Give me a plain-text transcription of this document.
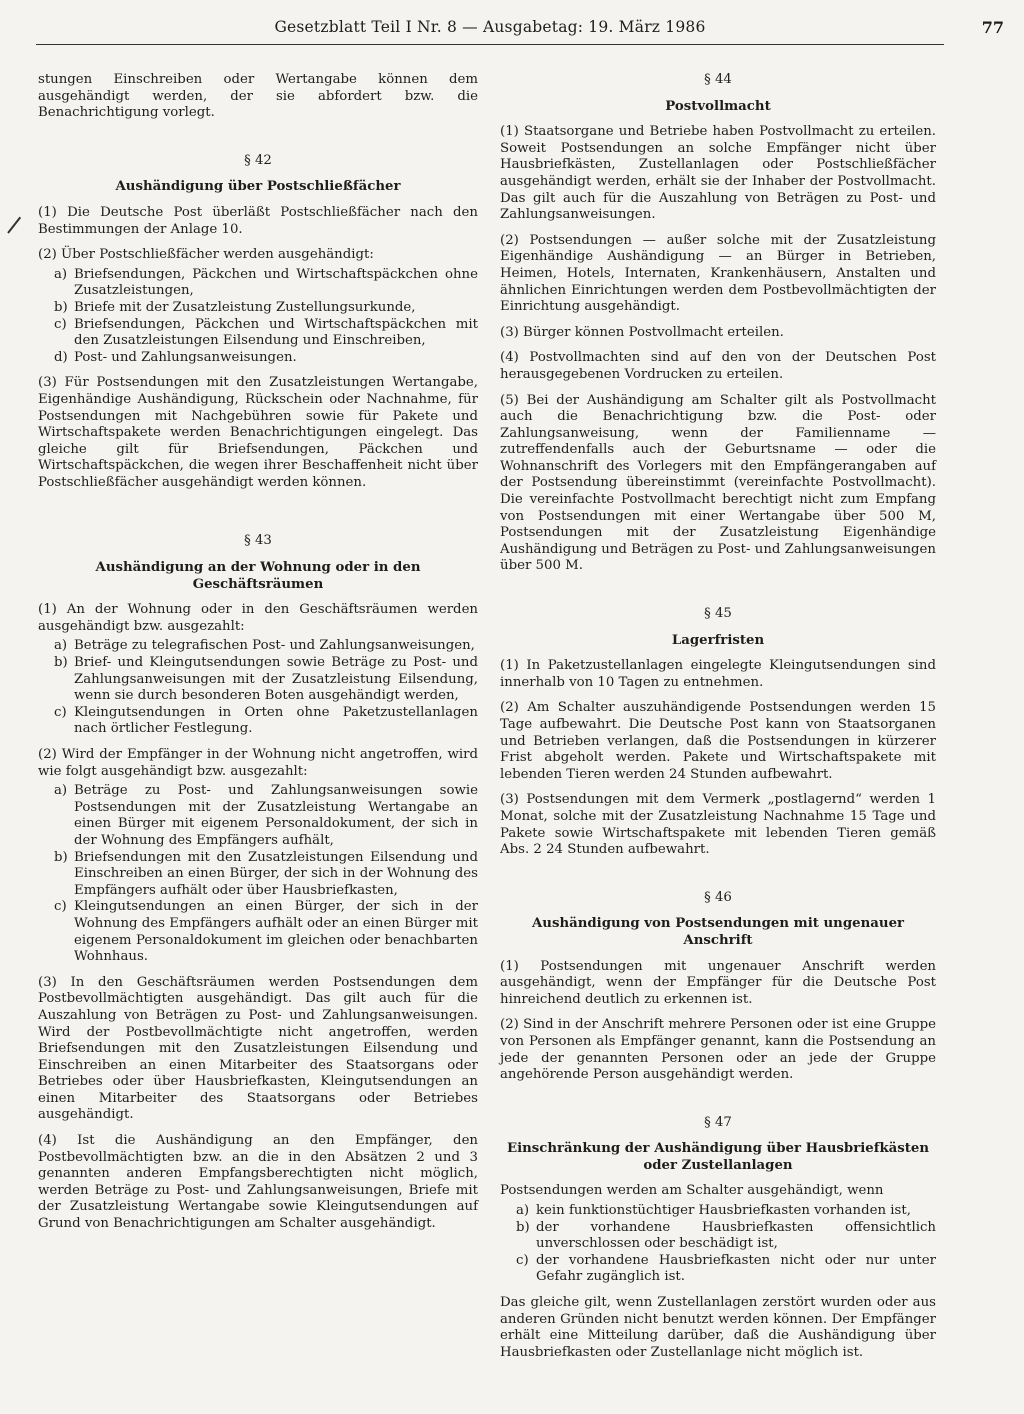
Gesetzblatt Teil I Nr. 8 — Ausgabetag: 19. März 1986	77

stungen Einschreiben oder Wertangabe können dem ausgehändigt werden, der sie abfordert bzw. die Benachrichtigung vorlegt.

§ 42
Aushändigung über Postschließfächer

(1) Die Deutsche Post überläßt Postschließfächer nach den Bestimmungen der Anlage 10.

(2) Über Postschließfächer werden ausgehändigt:

a) Briefsendungen, Päckchen und Wirtschaftspäckchen ohne Zusatzleistungen,
b) Briefe mit der Zusatzleistung Zustellungsurkunde,
c) Briefsendungen, Päckchen und Wirtschaftspäckchen mit den Zusatzleistungen Eilsendung und Einschreiben,
d) Post- und Zahlungsanweisungen.

(3) Für Postsendungen mit den Zusatzleistungen Wertangabe, Eigenhändige Aushändigung, Rückschein oder Nachnahme, für Postsendungen mit Nachgebühren sowie für Pakete und Wirtschaftspakete werden Benachrichtigungen eingelegt. Das gleiche gilt für Briefsendungen, Päckchen und Wirtschaftspäckchen, die wegen ihrer Beschaffenheit nicht über Postschließfächer ausgehändigt werden können.

§ 43
Aushändigung an der Wohnung oder in den Geschäftsräumen

(1) An der Wohnung oder in den Geschäftsräumen werden ausgehändigt bzw. ausgezahlt:

a) Beträge zu telegrafischen Post- und Zahlungsanweisungen,
b) Brief- und Kleingutsendungen sowie Beträge zu Post- und Zahlungsanweisungen mit der Zusatzleistung Eilsendung, wenn sie durch besonderen Boten ausgehändigt werden,
c) Kleingutsendungen in Orten ohne Paketzustellanlagen nach örtlicher Festlegung.

(2) Wird der Empfänger in der Wohnung nicht angetroffen, wird wie folgt ausgehändigt bzw. ausgezahlt:

a) Beträge zu Post- und Zahlungsanweisungen sowie Postsendungen mit der Zusatzleistung Wertangabe an einen Bürger mit eigenem Personaldokument, der sich in der Wohnung des Empfängers aufhält,
b) Briefsendungen mit den Zusatzleistungen Eilsendung und Einschreiben an einen Bürger, der sich in der Wohnung des Empfängers aufhält oder über Hausbriefkasten,
c) Kleingutsendungen an einen Bürger, der sich in der Wohnung des Empfängers aufhält oder an einen Bürger mit eigenem Personaldokument im gleichen oder benachbarten Wohnhaus.

(3) In den Geschäftsräumen werden Postsendungen dem Postbevollmächtigten ausgehändigt. Das gilt auch für die Auszahlung von Beträgen zu Post- und Zahlungsanweisungen. Wird der Postbevollmächtigte nicht angetroffen, werden Briefsendungen mit den Zusatzleistungen Eilsendung und Einschreiben an einen Mitarbeiter des Staatsorgans oder Betriebes oder über Hausbriefkasten, Kleingutsendungen an einen Mitarbeiter des Staatsorgans oder Betriebes ausgehändigt.

(4) Ist die Aushändigung an den Empfänger, den Postbevollmächtigten bzw. an die in den Absätzen 2 und 3 genannten anderen Empfangsberechtigten nicht möglich, werden Beträge zu Post- und Zahlungsanweisungen, Briefe mit der Zusatzleistung Wertangabe sowie Kleingutsendungen auf Grund von Benachrichtigungen am Schalter ausgehändigt.

§ 44
Postvollmacht

(1) Staatsorgane und Betriebe haben Postvollmacht zu erteilen. Soweit Postsendungen an solche Empfänger nicht über Hausbriefkästen, Zustellanlagen oder Postschließfächer ausgehändigt werden, erhält sie der Inhaber der Postvollmacht. Das gilt auch für die Auszahlung von Beträgen zu Post- und Zahlungsanweisungen.

(2) Postsendungen — außer solche mit der Zusatzleistung Eigenhändige Aushändigung — an Bürger in Betrieben, Heimen, Hotels, Internaten, Krankenhäusern, Anstalten und ähnlichen Einrichtungen werden dem Postbevollmächtigten der Einrichtung ausgehändigt.

(3) Bürger können Postvollmacht erteilen.

(4) Postvollmachten sind auf den von der Deutschen Post herausgegebenen Vordrucken zu erteilen.

(5) Bei der Aushändigung am Schalter gilt als Postvollmacht auch die Benachrichtigung bzw. die Post- oder Zahlungsanweisung, wenn der Familienname — zutreffendenfalls auch der Geburtsname — oder die Wohnanschrift des Vorlegers mit den Empfängerangaben auf der Postsendung übereinstimmt (vereinfachte Postvollmacht). Die vereinfachte Postvollmacht berechtigt nicht zum Empfang von Postsendungen mit einer Wertangabe über 500 M, Postsendungen mit der Zusatzleistung Eigenhändige Aushändigung und Beträgen zu Post- und Zahlungsanweisungen über 500 M.

§ 45
Lagerfristen

(1) In Paketzustellanlagen eingelegte Kleingutsendungen sind innerhalb von 10 Tagen zu entnehmen.

(2) Am Schalter auszuhändigende Postsendungen werden 15 Tage aufbewahrt. Die Deutsche Post kann von Staatsorganen und Betrieben verlangen, daß die Postsendungen in kürzerer Frist abgeholt werden. Pakete und Wirtschaftspakete mit lebenden Tieren werden 24 Stunden aufbewahrt.

(3) Postsendungen mit dem Vermerk „postlagernd“ werden 1 Monat, solche mit der Zusatzleistung Nachnahme 15 Tage und Pakete sowie Wirtschaftspakete mit lebenden Tieren gemäß Abs. 2 24 Stunden aufbewahrt.

§ 46
Aushändigung von Postsendungen mit ungenauer Anschrift

(1) Postsendungen mit ungenauer Anschrift werden ausgehändigt, wenn der Empfänger für die Deutsche Post hinreichend deutlich zu erkennen ist.

(2) Sind in der Anschrift mehrere Personen oder ist eine Gruppe von Personen als Empfänger genannt, kann die Postsendung an jede der genannten Personen oder an jede der Gruppe angehörende Person ausgehändigt werden.

§ 47
Einschränkung der Aushändigung über Hausbriefkästen
oder Zustellanlagen

Postsendungen werden am Schalter ausgehändigt, wenn

a) kein funktionstüchtiger Hausbriefkasten vorhanden ist,
b) der vorhandene Hausbriefkasten offensichtlich unverschlossen oder beschädigt ist,
c) der vorhandene Hausbriefkasten nicht oder nur unter Gefahr zugänglich ist.

Das gleiche gilt, wenn Zustellanlagen zerstört wurden oder aus anderen Gründen nicht benutzt werden können. Der Empfänger erhält eine Mitteilung darüber, daß die Aushändigung über Hausbriefkasten oder Zustellanlage nicht möglich ist.
